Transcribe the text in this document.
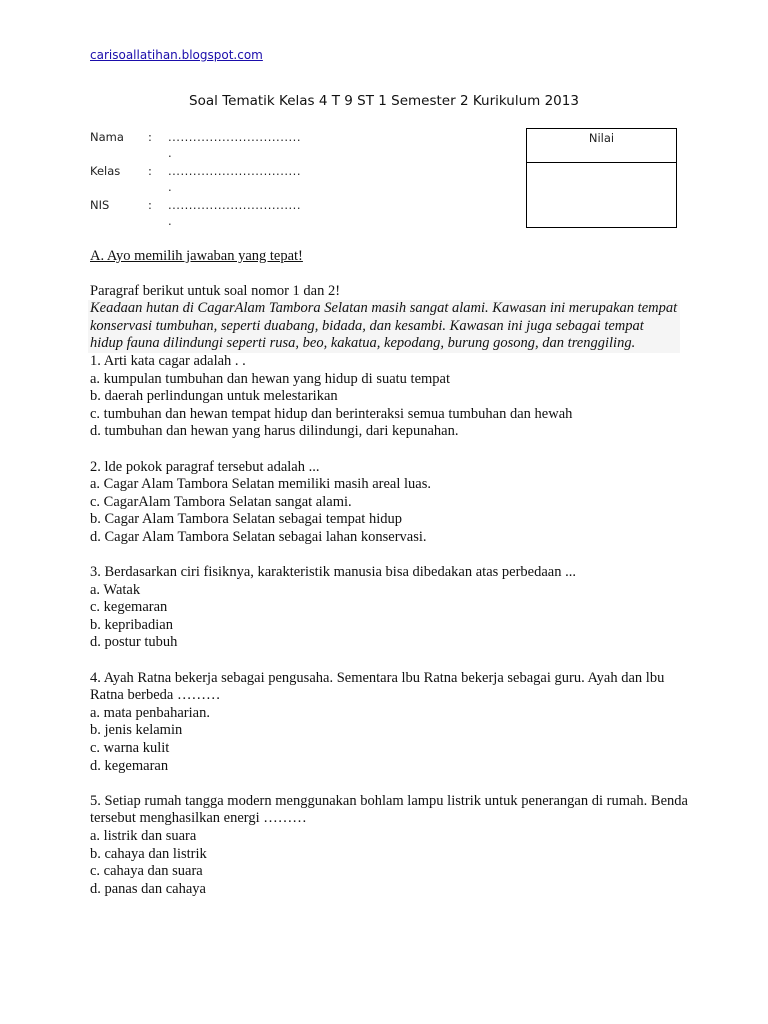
carisoallatihan.blogspot.com
Soal Tematik Kelas 4 T 9 ST 1 Semester 2 Kurikulum 2013
Nama : ................................
.
Kelas : ................................
.
NIS	: ................................
.
Nilai

A. Ayo memilih jawaban yang tepat!

Paragraf berikut untuk soal nomor 1 dan 2!

Keadaan hutan di CagarAlam Tambora Selatan masih sangat alami. Kawasan ini merupakan tempat konservasi tumbuhan, seperti duabang, bidada, dan kesambi. Kawasan ini juga sebagai tempat hidup fauna dilindungi seperti rusa, beo, kakatua, kepodang, burung gosong, dan trenggiling.

1. Arti kata cagar adalah . .

a. kumpulan tumbuhan dan hewan yang hidup di suatu tempat

b. daerah perlindungan untuk melestarikan

c. tumbuhan dan hewan tempat hidup dan berinteraksi semua tumbuhan dan hewah

d. tumbuhan dan hewan yang harus dilindungi, dari kepunahan.

2. lde pokok paragraf tersebut adalah ...

a. Cagar Alam Tambora Selatan memiliki masih areal luas.

c. CagarAlam Tambora Selatan sangat alami.

b. Cagar Alam Tambora Selatan sebagai tempat hidup

d. Cagar Alam Tambora Selatan sebagai lahan konservasi.

3. Berdasarkan ciri fisiknya, karakteristik manusia bisa dibedakan atas perbedaan ...

a. Watak

c. kegemaran

b. kepribadian

d. postur tubuh

4. Ayah Ratna bekerja sebagai pengusaha. Sementara lbu Ratna bekerja sebagai guru. Ayah dan lbu Ratna berbeda ………

a. mata penbaharian.

b. jenis kelamin

c. warna kulit

d. kegemaran

5. Setiap rumah tangga modern menggunakan bohlam lampu listrik untuk penerangan di rumah. Benda tersebut menghasilkan energi ………

a. listrik dan suara

b. cahaya dan listrik

c. cahaya dan suara

d. panas dan cahaya
